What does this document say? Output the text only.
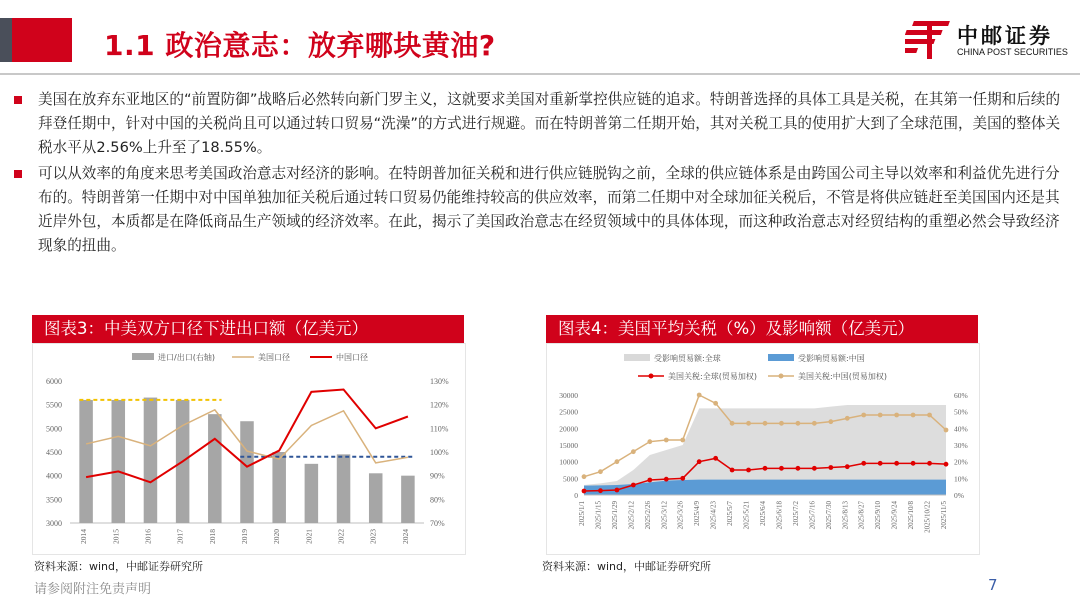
1.1 政治意志：放弃哪块黄油?	中邮证券
CHINA POST SECURITIES
美国在放弃东亚地区的“前置防御”战略后必然转向新门罗主义，这就要求美国对重新掌控供应链的追求。特朗普选择的具体工具是关税，在其第一任期和后续的拜登任期中，针对中国的关税尚且可以通过转口贸易“洗澡”的方式进行规避。而在特朗普第二任期开始，其对关税工具的使用扩大到了全球范围，美国的整体关税水平从2.56%上升至了18.55%。
可以从效率的角度来思考美国政治意志对经济的影响。在特朗普加征关税和进行供应链脱钩之前，全球的供应链体系是由跨国公司主导以效率和利益优先进行分布的。特朗普第一任期中对中国单独加征关税后通过转口贸易仍能维持较高的供应效率，而第二任期中对全球加征关税后，不管是将供应链赶至美国国内还是其近岸外包，本质都是在降低商品生产领域的经济效率。在此，揭示了美国政治意志在经贸领域中的具体体现，而这种政治意志对经贸结构的重塑必然会导致经济现象的扭曲。
图表3：中美双方口径下进出口额（亿美元）
进口/出口(右轴)	美国口径	中国口径
3000
3500
4000
4500
5000
5500
6000
70%
80%
90%
100%
110%
120%
130%
2014	2015	2016	2017	2018	2019	2020	2021	2022	2023	2024
资料来源：wind，中邮证券研究所
图表4：美国平均关税（%）及影响额（亿美元）
受影响贸易额:全球	受影响贸易额:中国
美国关税:全球(贸易加权)	美国关税:中国(贸易加权)
0
5000
10000
15000
20000
25000
30000
0%
10%
20%
30%
40%
50%
60%
2025/1/1 2025/1/15 2025/1/29 2025/2/12 2025/2/26 2025/3/12 2025/3/26 2025/4/9 2025/4/23 2025/5/7 2025/5/21 2025/6/4 2025/6/18 2025/7/2 2025/7/16 2025/7/30 2025/8/13 2025/8/27 2025/9/10 2025/9/24 2025/10/8 2025/10/22 2025/11/5
资料来源：wind，中邮证券研究所
请参阅附注免责声明	7
